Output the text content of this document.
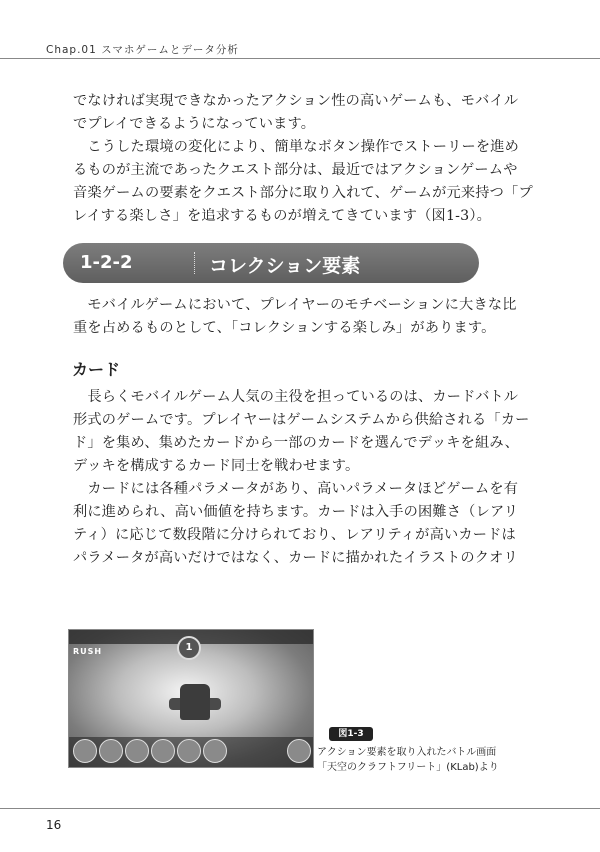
Chap.01 スマホゲームとデータ分析

でなければ実現できなかったアクション性の高いゲームも、モバイル
でプレイできるようになっています。

　こうした環境の変化により、簡単なボタン操作でストーリーを進め
るものが主流であったクエスト部分は、最近ではアクションゲームや
音楽ゲームの要素をクエスト部分に取り入れて、ゲームが元来持つ「プ
レイする楽しさ」を追求するものが増えてきています（図1-3）。

1-2-2	コレクション要素

　モバイルゲームにおいて、プレイヤーのモチベーションに大きな比
重を占めるものとして、「コレクションする楽しみ」があります。

カード

　長らくモバイルゲーム人気の主役を担っているのは、カードバトル
形式のゲームです。プレイヤーはゲームシステムから供給される「カー
ド」を集め、集めたカードから一部のカードを選んでデッキを組み、
デッキを構成するカード同士を戦わせます。

　カードには各種パラメータがあり、高いパラメータほどゲームを有
利に進められ、高い価値を持ちます。カードは入手の困難さ（レアリ
ティ）に応じて数段階に分けられており、レアリティが高いカードは
パラメータが高いだけではなく、カードに描かれたイラストのクオリ

RUSH	1
図1-3
アクション要素を取り入れたバトル画面
「天空のクラフトフリート」(KLab)より
16
